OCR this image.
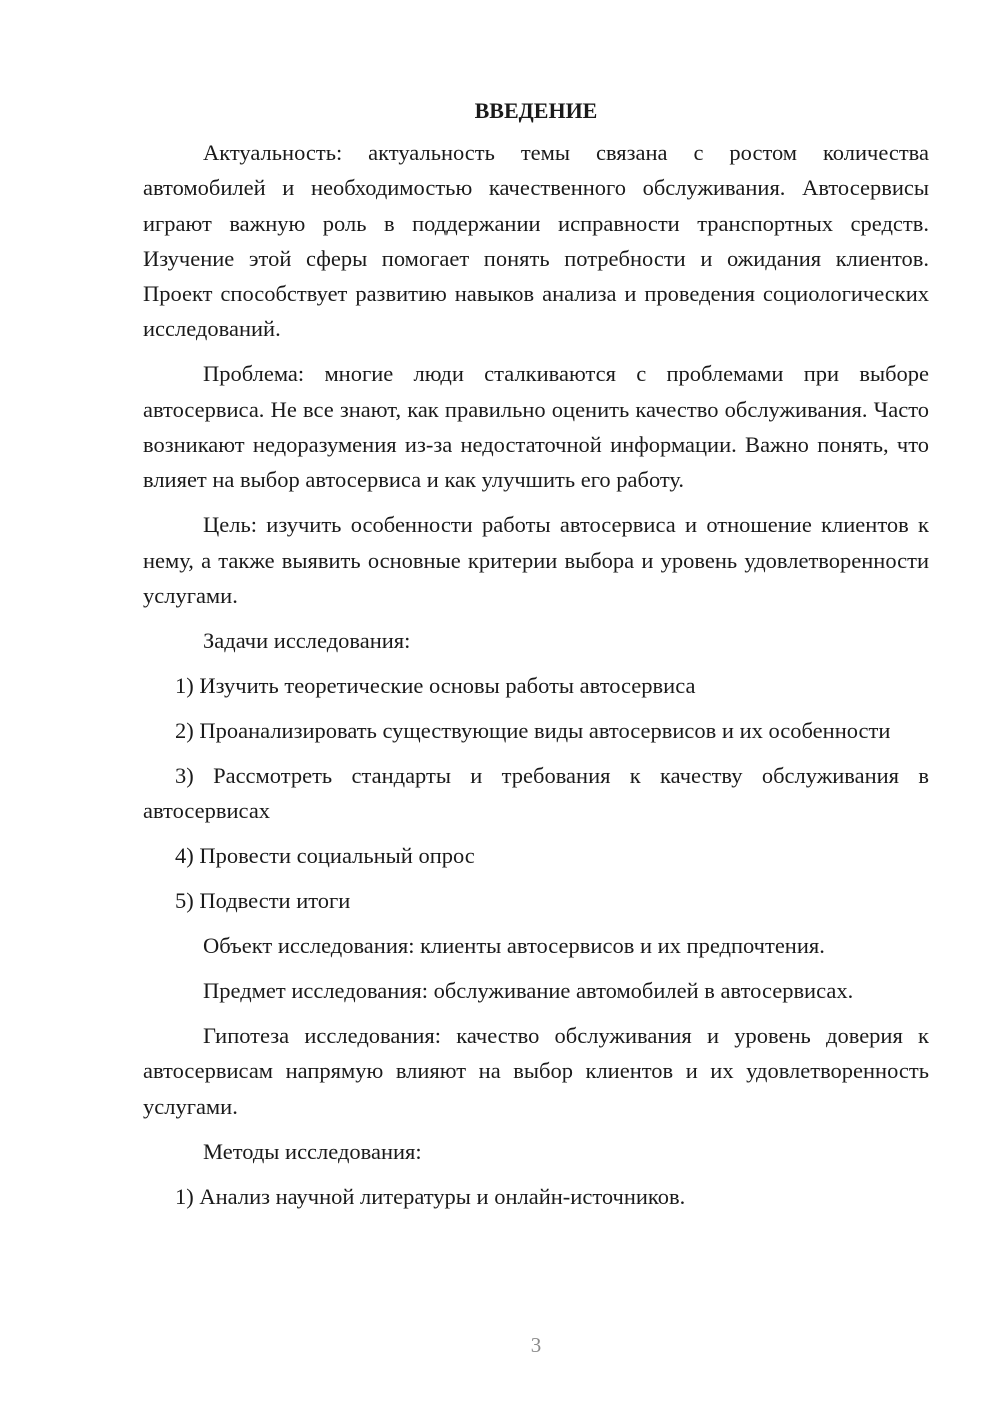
ВВЕДЕНИЕ

Актуальность: актуальность темы связана с ростом количества автомобилей и необходимостью качественного обслуживания. Автосервисы играют важную роль в поддержании исправности транспортных средств. Изучение этой сферы помогает понять потребности и ожидания клиентов. Проект способствует развитию навыков анализа и проведения социологических исследований.

Проблема: многие люди сталкиваются с проблемами при выборе автосервиса. Не все знают, как правильно оценить качество обслуживания. Часто возникают недоразумения из-за недостаточной информации. Важно понять, что влияет на выбор автосервиса и как улучшить его работу.

Цель: изучить особенности работы автосервиса и отношение клиентов к нему, а также выявить основные критерии выбора и уровень удовлетворенности услугами.

Задачи исследования:

1) Изучить теоретические основы работы автосервиса

2) Проанализировать существующие виды автосервисов и их особенности

3) Рассмотреть стандарты и требования к качеству обслуживания в автосервисах

4) Провести социальный опрос

5) Подвести итоги

Объект исследования: клиенты автосервисов и их предпочтения.

Предмет исследования: обслуживание автомобилей в автосервисах.

Гипотеза исследования: качество обслуживания и уровень доверия к автосервисам напрямую влияют на выбор клиентов и их удовлетворенность услугами.

Методы исследования:

1) Анализ научной литературы и онлайн-источников.

3
